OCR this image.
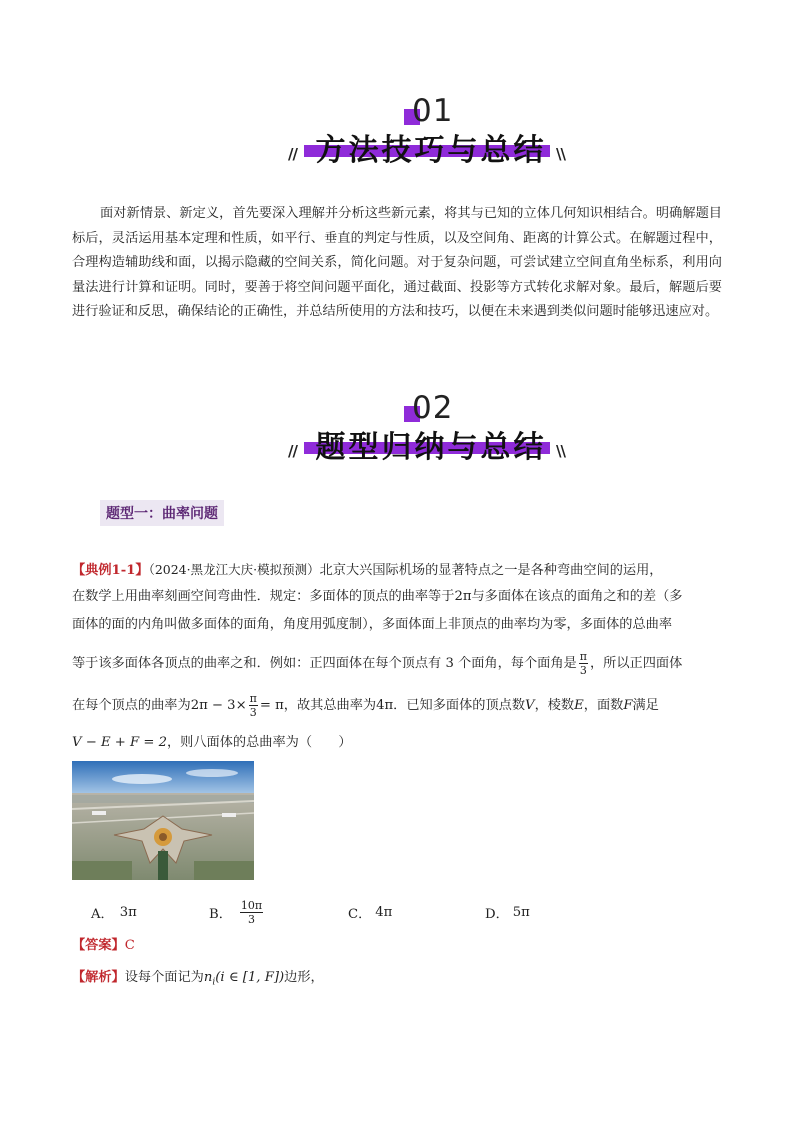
01
// 方法技巧与总结 \\
面对新情景、新定义，首先要深入理解并分析这些新元素，将其与已知的立体几何知识相结合。明确解题目标后，灵活运用基本定理和性质，如平行、垂直的判定与性质，以及空间角、距离的计算公式。在解题过程中，合理构造辅助线和面，以揭示隐藏的空间关系，简化问题。对于复杂问题，可尝试建立空间直角坐标系，利用向量法进行计算和证明。同时，要善于将空间问题平面化，通过截面、投影等方式转化求解对象。最后，解题后要进行验证和反思，确保结论的正确性，并总结所使用的方法和技巧，以便在未来遇到类似问题时能够迅速应对。
02
// 题型归纳与总结 \\
题型一：曲率问题
【典例1-1】（2024·黑龙江大庆·模拟预测）北京大兴国际机场的显著特点之一是各种弯曲空间的运用，
在数学上用曲率刻画空间弯曲性．规定：多面体的顶点的曲率等于2π与多面体在该点的面角之和的差（多
面体的面的内角叫做多面体的面角，角度用弧度制），多面体面上非顶点的曲率均为零，多面体的总曲率
等于该多面体各顶点的曲率之和．例如：正四面体在每个顶点有 3 个面角，每个面角是 $\frac{\pi}{3}$ ，所以正四面体
在每个顶点的曲率为$2\pi - 3\times \frac{\pi}{3} = \pi$，故其总曲率为4π．已知多面体的顶点数V，棱数E，面数F满足
V − E + F = 2，则八面体的总曲率为（　　）
A． 3π	B． $\frac{10\pi}{3}$	C． 4π	D． 5π
【答案】C
【解析】设每个面记为$n_i(i$ ∈ [1, F])边形，
